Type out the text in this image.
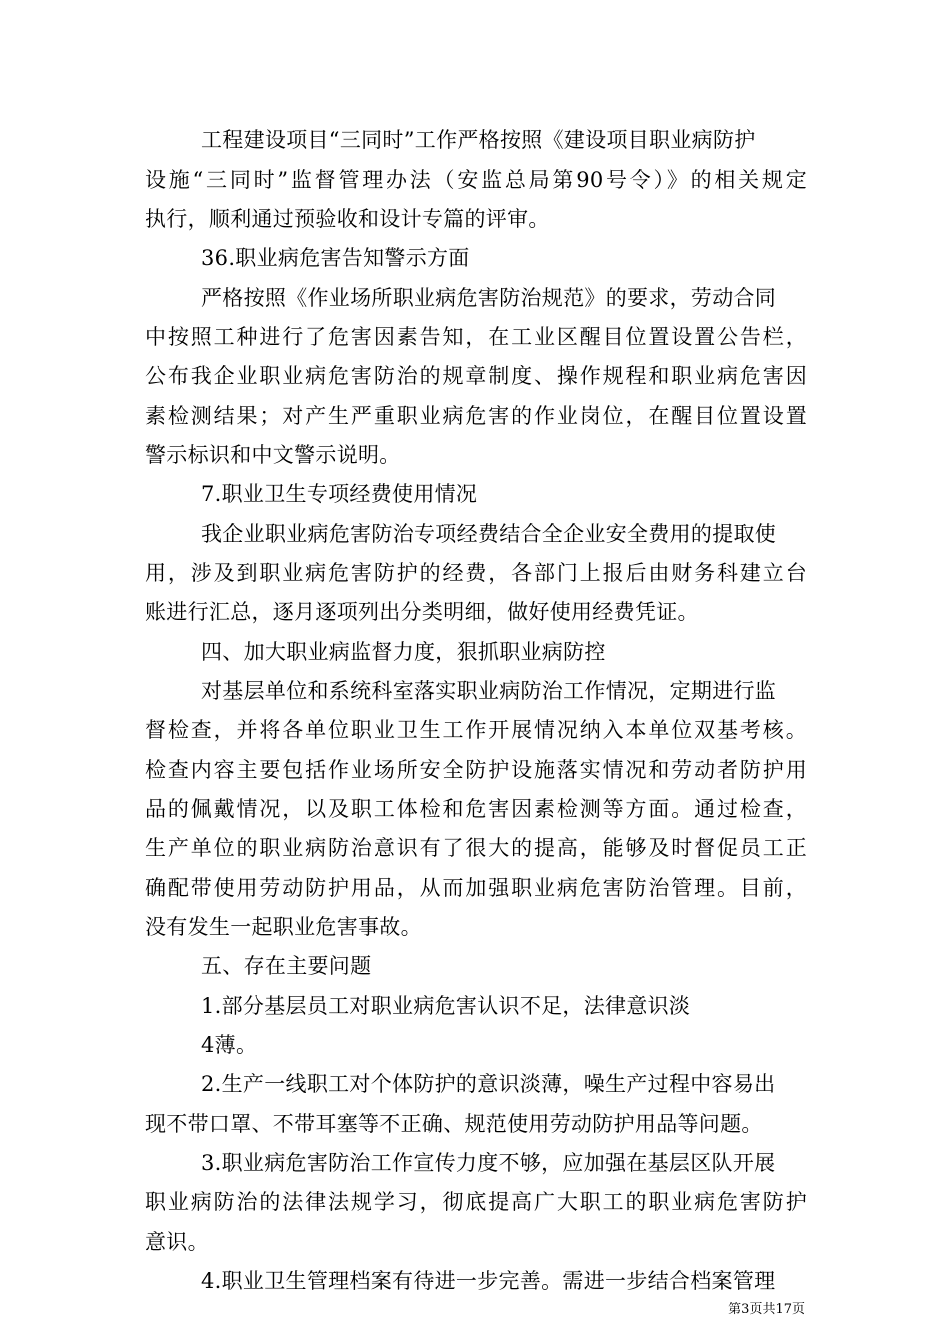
工程建设项目“三同时”工作严格按照《建设项目职业病防护
设施“三同时”监督管理办法（安监总局第90号令）》的相关规定
执行，顺利通过预验收和设计专篇的评审。
36.职业病危害告知警示方面
严格按照《作业场所职业病危害防治规范》的要求，劳动合同
中按照工种进行了危害因素告知，在工业区醒目位置设置公告栏，
公布我企业职业病危害防治的规章制度、操作规程和职业病危害因
素检测结果；对产生严重职业病危害的作业岗位，在醒目位置设置
警示标识和中文警示说明。
7.职业卫生专项经费使用情况
我企业职业病危害防治专项经费结合全企业安全费用的提取使
用，涉及到职业病危害防护的经费，各部门上报后由财务科建立台
账进行汇总，逐月逐项列出分类明细，做好使用经费凭证。
四、加大职业病监督力度，狠抓职业病防控
对基层单位和系统科室落实职业病防治工作情况，定期进行监
督检查，并将各单位职业卫生工作开展情况纳入本单位双基考核。
检查内容主要包括作业场所安全防护设施落实情况和劳动者防护用
品的佩戴情况，以及职工体检和危害因素检测等方面。通过检查，
生产单位的职业病防治意识有了很大的提高，能够及时督促员工正
确配带使用劳动防护用品，从而加强职业病危害防治管理。目前，
没有发生一起职业危害事故。
五、存在主要问题
1.部分基层员工对职业病危害认识不足，法律意识淡
4薄。
2.生产一线职工对个体防护的意识淡薄，噪生产过程中容易出
现不带口罩、不带耳塞等不正确、规范使用劳动防护用品等问题。
3.职业病危害防治工作宣传力度不够，应加强在基层区队开展
职业病防治的法律法规学习，彻底提高广大职工的职业病危害防护
意识。
4.职业卫生管理档案有待进一步完善。需进一步结合档案管理
第3页共17页
